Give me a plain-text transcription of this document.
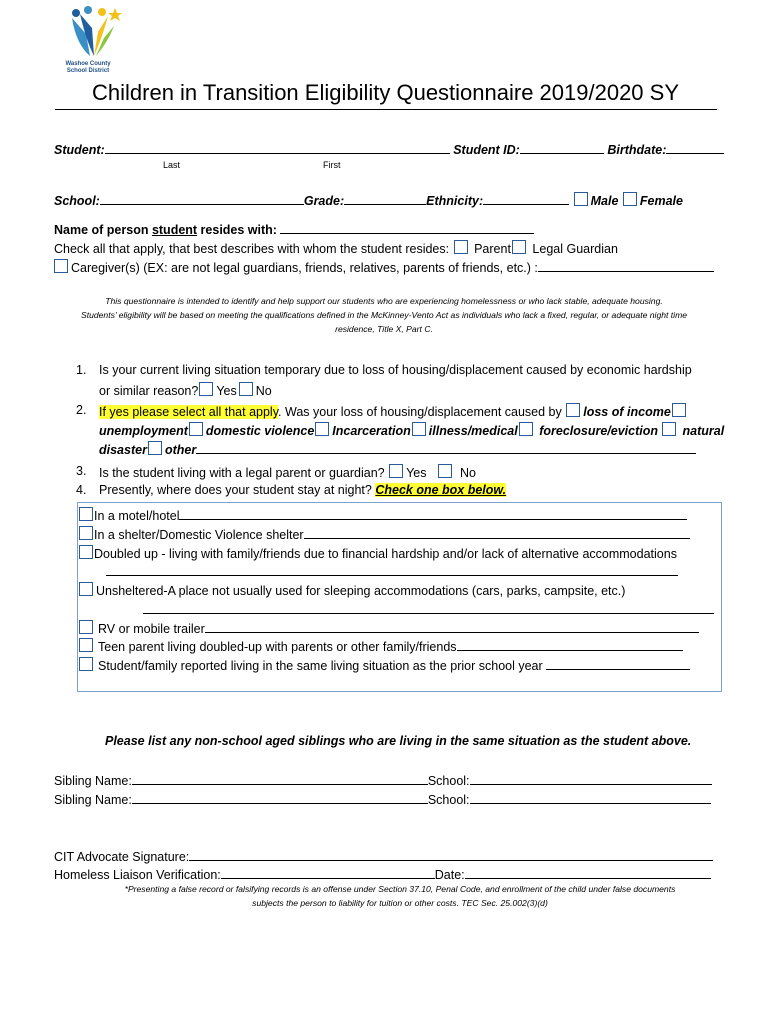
Washoe County
School District
Children in Transition Eligibility Questionnaire 2019/2020 SY
Student:	Student ID:	Birthdate:
Last	First
School:	Grade:	Ethnicity:	Male Female
Name of person student resides with:
Check all that apply, that best describes with whom the student resides: Parent Legal Guardian
Caregiver(s) (EX: are not legal guardians, friends, relatives, parents of friends, etc.) :
This questionnaire is intended to identify and help support our students who are experiencing homelessness or who lack stable, adequate housing.
Students’ eligibility will be based on meeting the qualifications defined in the McKinney-Vento Act as individuals who lack a fixed, regular, or adequate night time
residence, Title X, Part C.
1. Is your current living situation temporary due to loss of housing/displacement caused by economic hardship
or similar reason? Yes No
2. If yes please select all that apply. Was your loss of housing/displacement caused by loss of income
unemployment domestic violence Incarceration illness/medical foreclosure/eviction natural
disaster other
3. Is the student living with a legal parent or guardian? Yes	No
4. Presently, where does your student stay at night? Check one box below.
In a motel/hotel
In a shelter/Domestic Violence shelter
Doubled up - living with family/friends due to financial hardship and/or lack of alternative accommodations
Unsheltered-A place not usually used for sleeping accommodations (cars, parks, campsite, etc.)
RV or mobile trailer
Teen parent living doubled-up with parents or other family/friends
Student/family reported living in the same living situation as the prior school year
Please list any non-school aged siblings who are living in the same situation as the student above.
Sibling Name:	School:
Sibling Name:	School:
CIT Advocate Signature:
Homeless Liaison Verification:	Date:
*Presenting a false record or falsifying records is an offense under Section 37.10, Penal Code, and enrollment of the child under false documents
subjects the person to liability for tuition or other costs. TEC Sec. 25.002(3)(d)
